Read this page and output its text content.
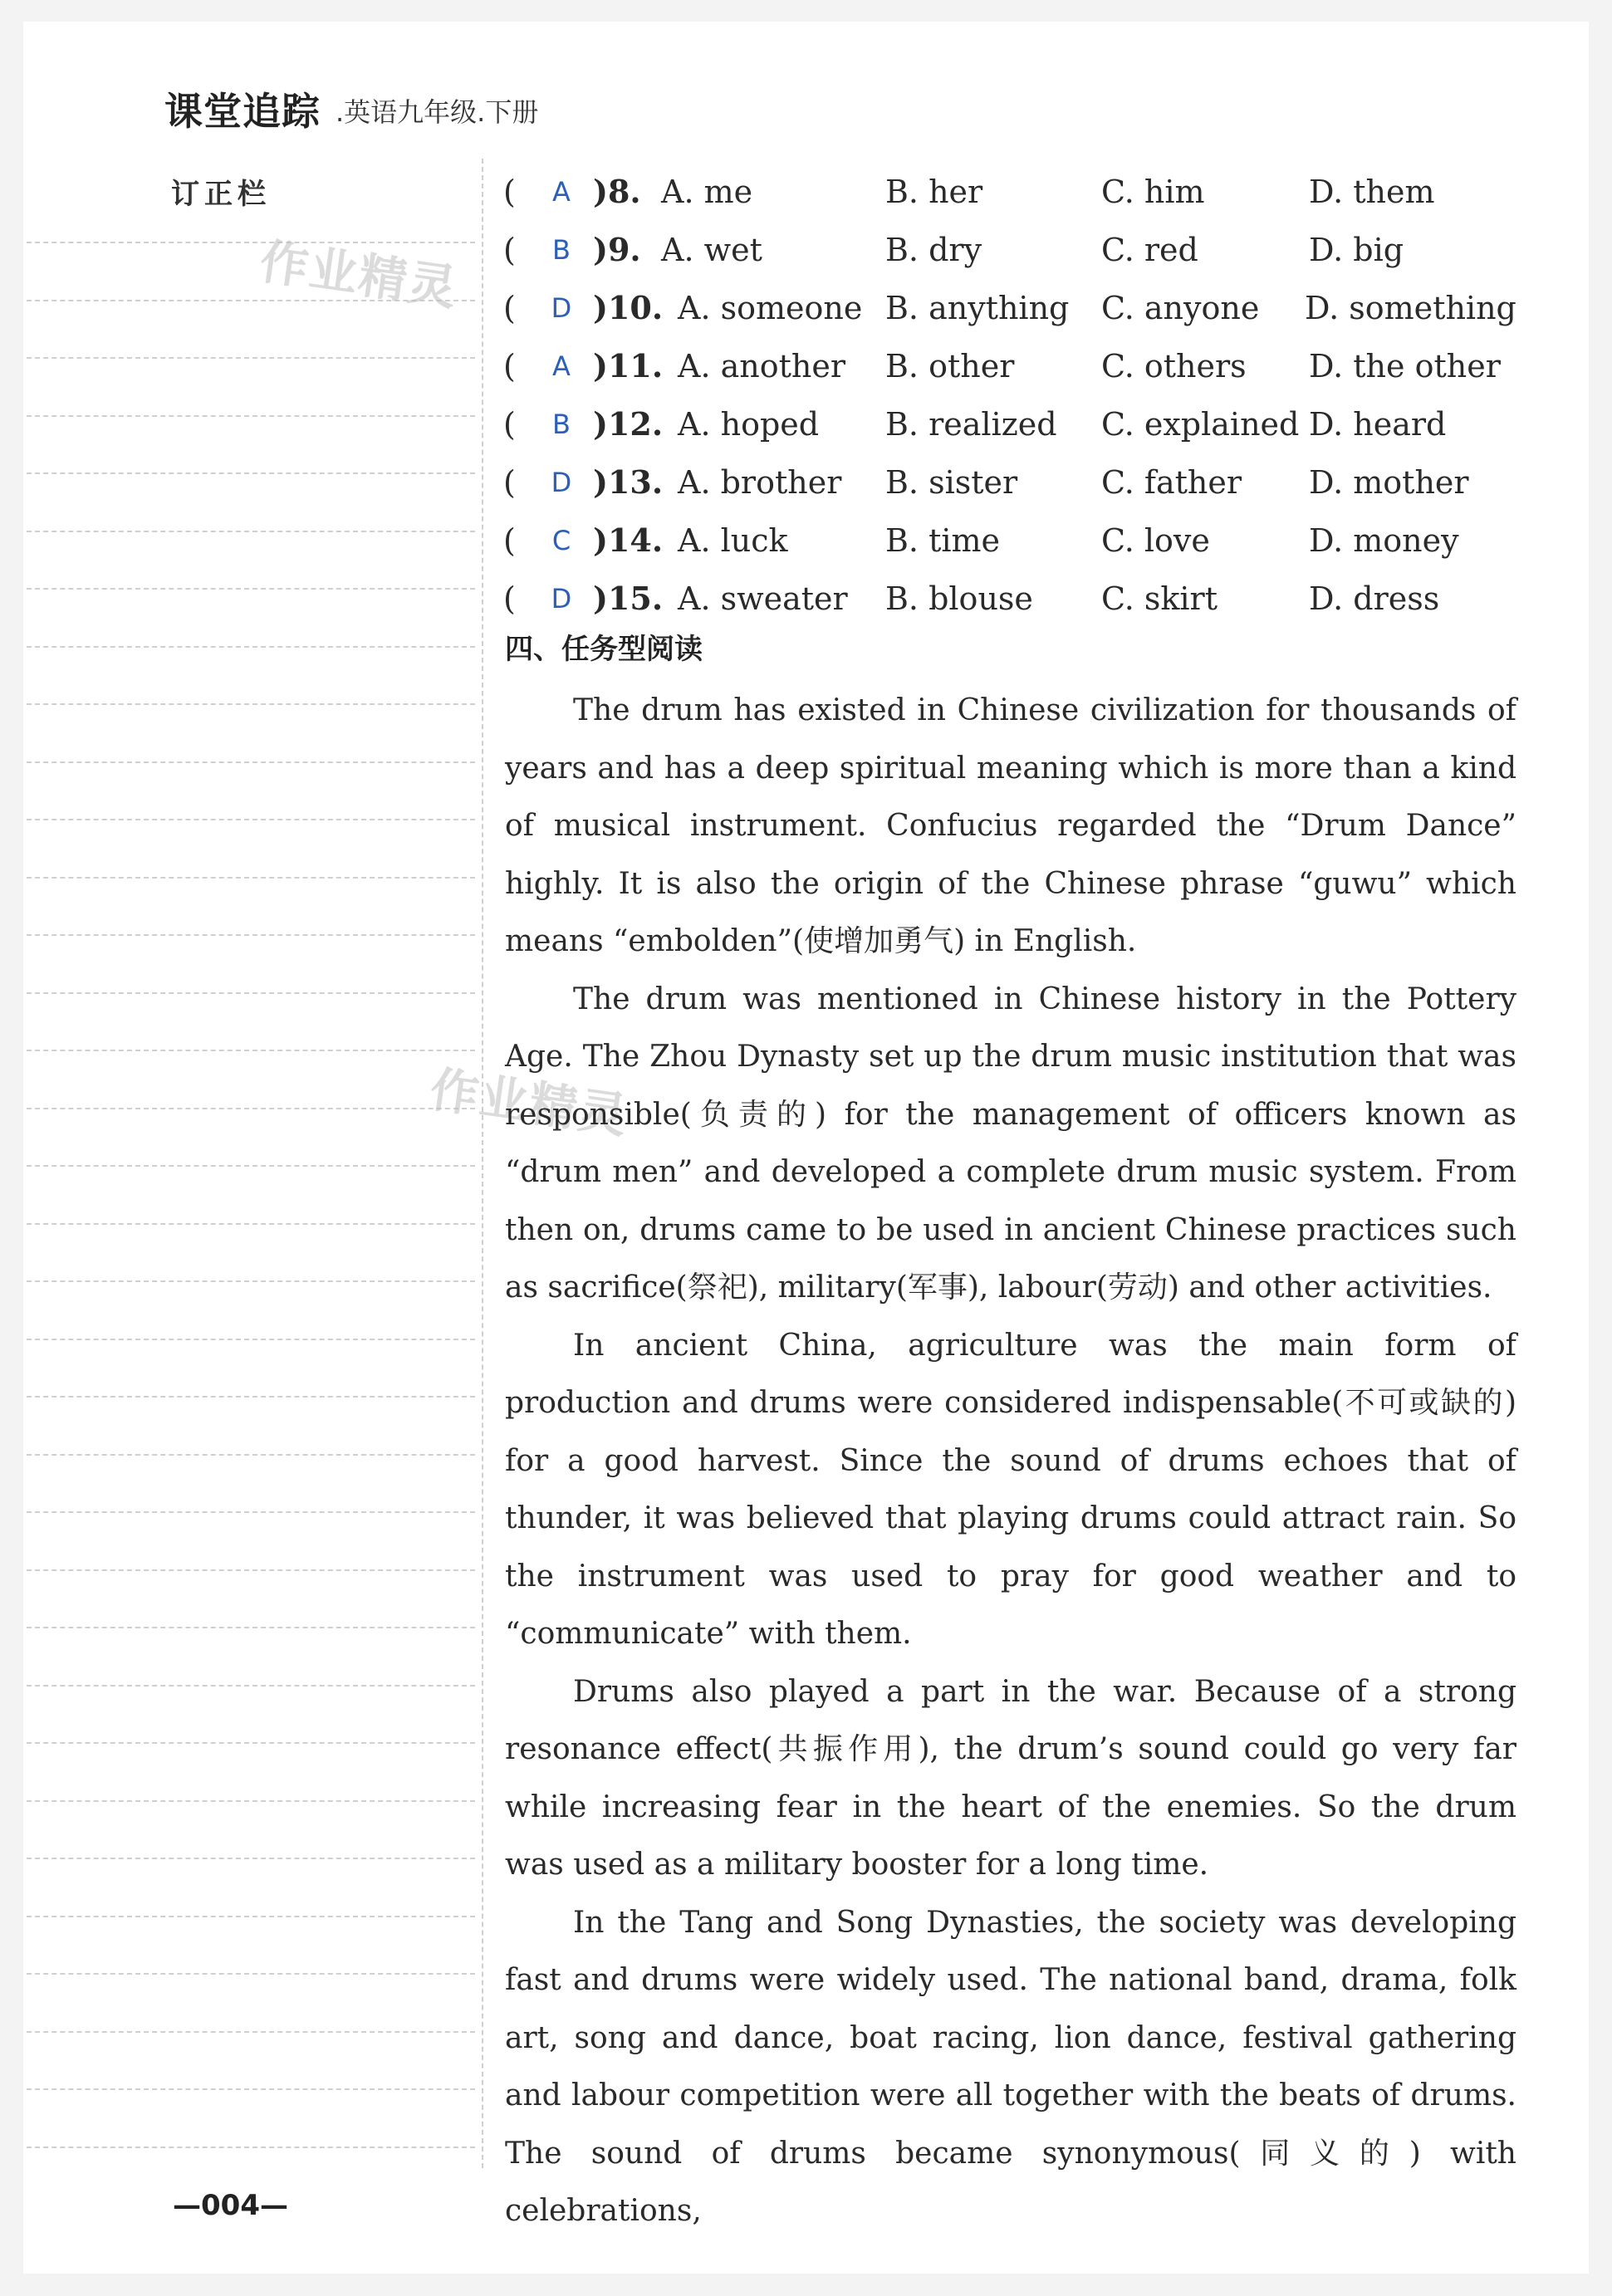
课堂追踪 .英语九年级.下册
订正栏
作业精灵
作业精灵
(	A )8. A. me	B. her	C. him	D. them
(	B )9. A. wet	B. dry	C. red	D. big
(	D )10. A. someone B. anything C. anyone D. something
(	A )11. A. another B. other	C. others D. the other
(	B )12. A. hoped B. realized C. explained D. heard
(	D )13. A. brother B. sister	C. father D. mother
(	C )14. A. luck	B. time	C. love	D. money
(	D )15. A. sweater B. blouse C. skirt	D. dress
四、任务型阅读

The drum has existed in Chinese civilization for thousands of years and has a deep spiritual meaning which is more than a kind of musical instrument. Confucius regarded the “Drum Dance” highly. It is also the origin of the Chinese phrase “guwu” which means “embolden”(使增加勇气) in English.

The drum was mentioned in Chinese history in the Pottery Age. The Zhou Dynasty set up the drum music institution that was responsible(负责的) for the management of officers known as “drum men” and developed a complete drum music system. From then on, drums came to be used in ancient Chinese practices such as sacrifice(祭祀), military(军事), labour(劳动) and other activities.

In ancient China, agriculture was the main form of production and drums were considered indispensable(不可或缺的) for a good harvest. Since the sound of drums echoes that of thunder, it was believed that playing drums could attract rain. So the instrument was used to pray for good weather and to “communicate” with them.

Drums also played a part in the war. Because of a strong resonance effect(共振作用), the drum’s sound could go very far while increasing fear in the heart of the enemies. So the drum was used as a military booster for a long time.

In the Tang and Song Dynasties, the society was developing fast and drums were widely used. The national band, drama, folk art, song and dance, boat racing, lion dance, festival gathering and labour competition were all together with the beats of drums. The sound of drums became synonymous(同义的) with celebrations,

—004—
